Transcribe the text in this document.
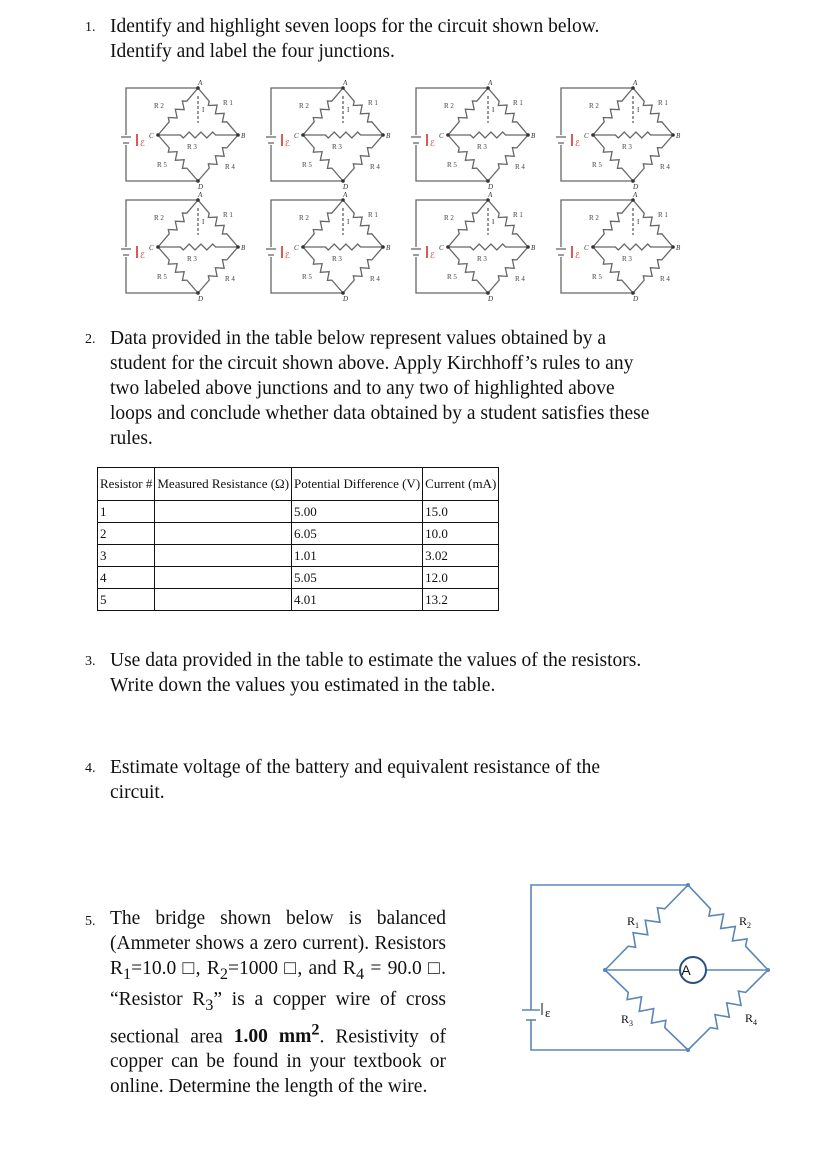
1. Identify and highlight seven loops for the circuit shown below.

Identify and label the four junctions.

A
B
C
D
R 1
R 2
R 3
R 4
R 5
ℰ
I
A
B
C
D
R 1
R 2
R 3
R 4
R 5
ℰ
I
A
B
C
D
R 1
R 2
R 3
R 4
R 5
ℰ
I
A
B
C
D
R 1
R 2
R 3
R 4
R 5
ℰ
I
A
B
C
D
R 1
R 2
R 3
R 4
R 5
ℰ
I
A
B
C
D
R 1
R 2
R 3
R 4
R 5
ℰ
I
A
B
C
D
R 1
R 2
R 3
R 4
R 5
ℰ
I
A
B
C
D
R 1
R 2
R 3
R 4
R 5
ℰ
I
2. Data provided in the table below represent values obtained by a

student for the circuit shown above. Apply Kirchhoff’s rules to any

two labeled above junctions and to any two of highlighted above

loops and conclude whether data obtained by a student satisfies these

rules.

Resistor #	Measured Resistance (Ω)	Potential Difference (V)	Current (mA)
1		5.00	15.0
2		6.05	10.0
3		1.01	3.02
4		5.05	12.0
5		4.01	13.2
3. Use data provided in the table to estimate the values of the resistors.

Write down the values you estimated in the table.

4. Estimate voltage of the battery and equivalent resistance of the

circuit.

5. The bridge shown below is balanced (Ammeter shows a zero current). Resistors $R_1=10.0$ □, $R_2=1000$ □, and $R_4 = 90.0$ □. “Resistor $R_3$” is a copper wire of cross sectional area 1.00 $mm^2$. Resistivity of copper can be found in your textbook or online. Determine the length of the wire.

A
ε
$R_1$	$R_2$
$R_3$	$R_4$
